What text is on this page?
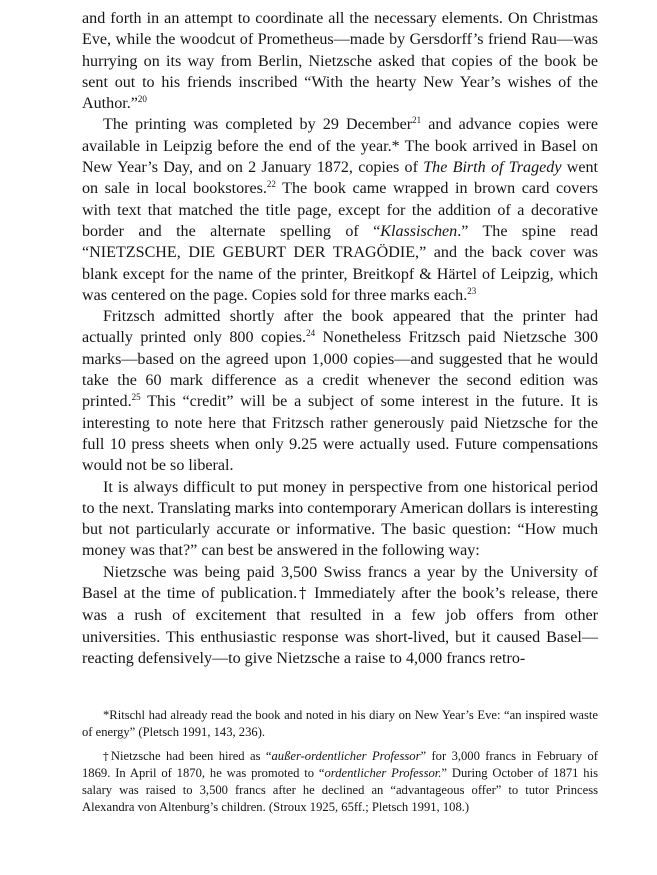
and forth in an attempt to coordinate all the necessary elements. On Christmas Eve, while the woodcut of Prometheus—made by Gersdorff’s friend Rau—was hurrying on its way from Berlin, Nietzsche asked that copies of the book be sent out to his friends inscribed “With the hearty New Year’s wishes of the Author.”$^{20}$

The printing was completed by 29 December$^{21}$ and advance copies were available in Leipzig before the end of the year.* The book arrived in Basel on New Year’s Day, and on 2 January 1872, copies of The Birth of Tragedy went on sale in local bookstores.$^{22}$ The book came wrapped in brown card covers with text that matched the title page, except for the addition of a decorative border and the alternate spelling of “Klassischen.” The spine read “NIETZSCHE, DIE GEBURT DER TRAGÖDIE,” and the back cover was blank except for the name of the printer, Breitkopf & Härtel of Leipzig, which was centered on the page. Copies sold for three marks each.$^{23}$

Fritzsch admitted shortly after the book appeared that the printer had actually printed only 800 copies.$^{24}$ Nonetheless Fritzsch paid Nietzsche 300 marks—based on the agreed upon 1,000 copies—and suggested that he would take the 60 mark difference as a credit whenever the second edition was printed.$^{25}$ This “credit” will be a subject of some interest in the future. It is interesting to note here that Fritzsch rather generously paid Nietzsche for the full 10 press sheets when only 9.25 were actually used. Future compensations would not be so liberal.

It is always difficult to put money in perspective from one historical period to the next. Translating marks into contemporary American dollars is interesting but not particularly accurate or informative. The basic question: “How much money was that?” can best be answered in the following way:

Nietzsche was being paid 3,500 Swiss francs a year by the University of Basel at the time of publication.† Immediately after the book’s release, there was a rush of excitement that resulted in a few job offers from other universities. This enthusiastic response was short-lived, but it caused Basel—reacting defensively—to give Nietzsche a raise to 4,000 francs retro-

*Ritschl had already read the book and noted in his diary on New Year’s Eve: “an inspired waste of energy” (Pletsch 1991, 143, 236).

†Nietzsche had been hired as “außer-ordentlicher Professor” for 3,000 francs in February of 1869. In April of 1870, he was promoted to “ordentlicher Professor.” During October of 1871 his salary was raised to 3,500 francs after he declined an “advantageous offer” to tutor Princess Alexandra von Altenburg’s children. (Stroux 1925, 65ff.; Pletsch 1991, 108.)
